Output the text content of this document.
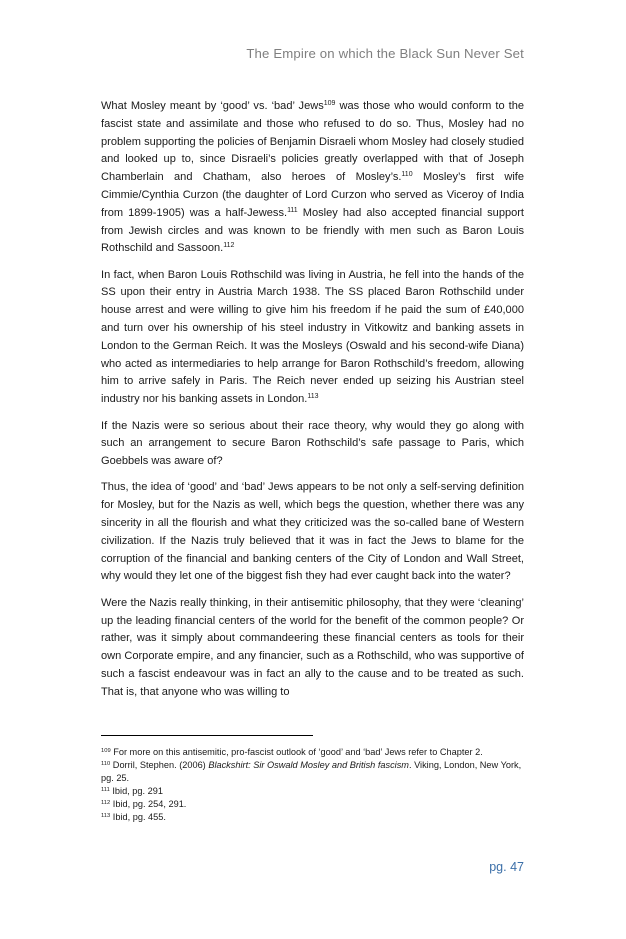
The Empire on which the Black Sun Never Set

What Mosley meant by ‘good’ vs. ‘bad’ Jews$^{109}$ was those who would conform to the fascist state and assimilate and those who refused to do so. Thus, Mosley had no problem supporting the policies of Benjamin Disraeli whom Mosley had closely studied and looked up to, since Disraeli’s policies greatly overlapped with that of Joseph Chamberlain and Chatham, also heroes of Mosley’s.$^{110}$ Mosley’s first wife Cimmie/Cynthia Curzon (the daughter of Lord Curzon who served as Viceroy of India from 1899-1905) was a half-Jewess.$^{111}$ Mosley had also accepted financial support from Jewish circles and was known to be friendly with men such as Baron Louis Rothschild and Sassoon.$^{112}$

In fact, when Baron Louis Rothschild was living in Austria, he fell into the hands of the SS upon their entry in Austria March 1938. The SS placed Baron Rothschild under house arrest and were willing to give him his freedom if he paid the sum of £40,000 and turn over his ownership of his steel industry in Vitkowitz and banking assets in London to the German Reich. It was the Mosleys (Oswald and his second-wife Diana) who acted as intermediaries to help arrange for Baron Rothschild’s freedom, allowing him to arrive safely in Paris. The Reich never ended up seizing his Austrian steel industry nor his banking assets in London.$^{113}$

If the Nazis were so serious about their race theory, why would they go along with such an arrangement to secure Baron Rothschild’s safe passage to Paris, which Goebbels was aware of?

Thus, the idea of ‘good’ and ‘bad’ Jews appears to be not only a self-serving definition for Mosley, but for the Nazis as well, which begs the question, whether there was any sincerity in all the flourish and what they criticized was the so-called bane of Western civilization. If the Nazis truly believed that it was in fact the Jews to blame for the corruption of the financial and banking centers of the City of London and Wall Street, why would they let one of the biggest fish they had ever caught back into the water?

Were the Nazis really thinking, in their antisemitic philosophy, that they were ‘cleaning’ up the leading financial centers of the world for the benefit of the common people? Or rather, was it simply about commandeering these financial centers as tools for their own Corporate empire, and any financier, such as a Rothschild, who was supportive of such a fascist endeavour was in fact an ally to the cause and to be treated as such. That is, that anyone who was willing to

$^{109}$ For more on this antisemitic, pro-fascist outlook of ‘good’ and ‘bad’ Jews refer to Chapter 2.
$^{110}$ Dorril, Stephen. (2006) Blackshirt: Sir Oswald Mosley and British fascism. Viking, London, New York, pg. 25.
$^{111}$ Ibid, pg. 291
$^{112}$ Ibid, pg. 254, 291.
$^{113}$ Ibid, pg. 455.
pg. 47
